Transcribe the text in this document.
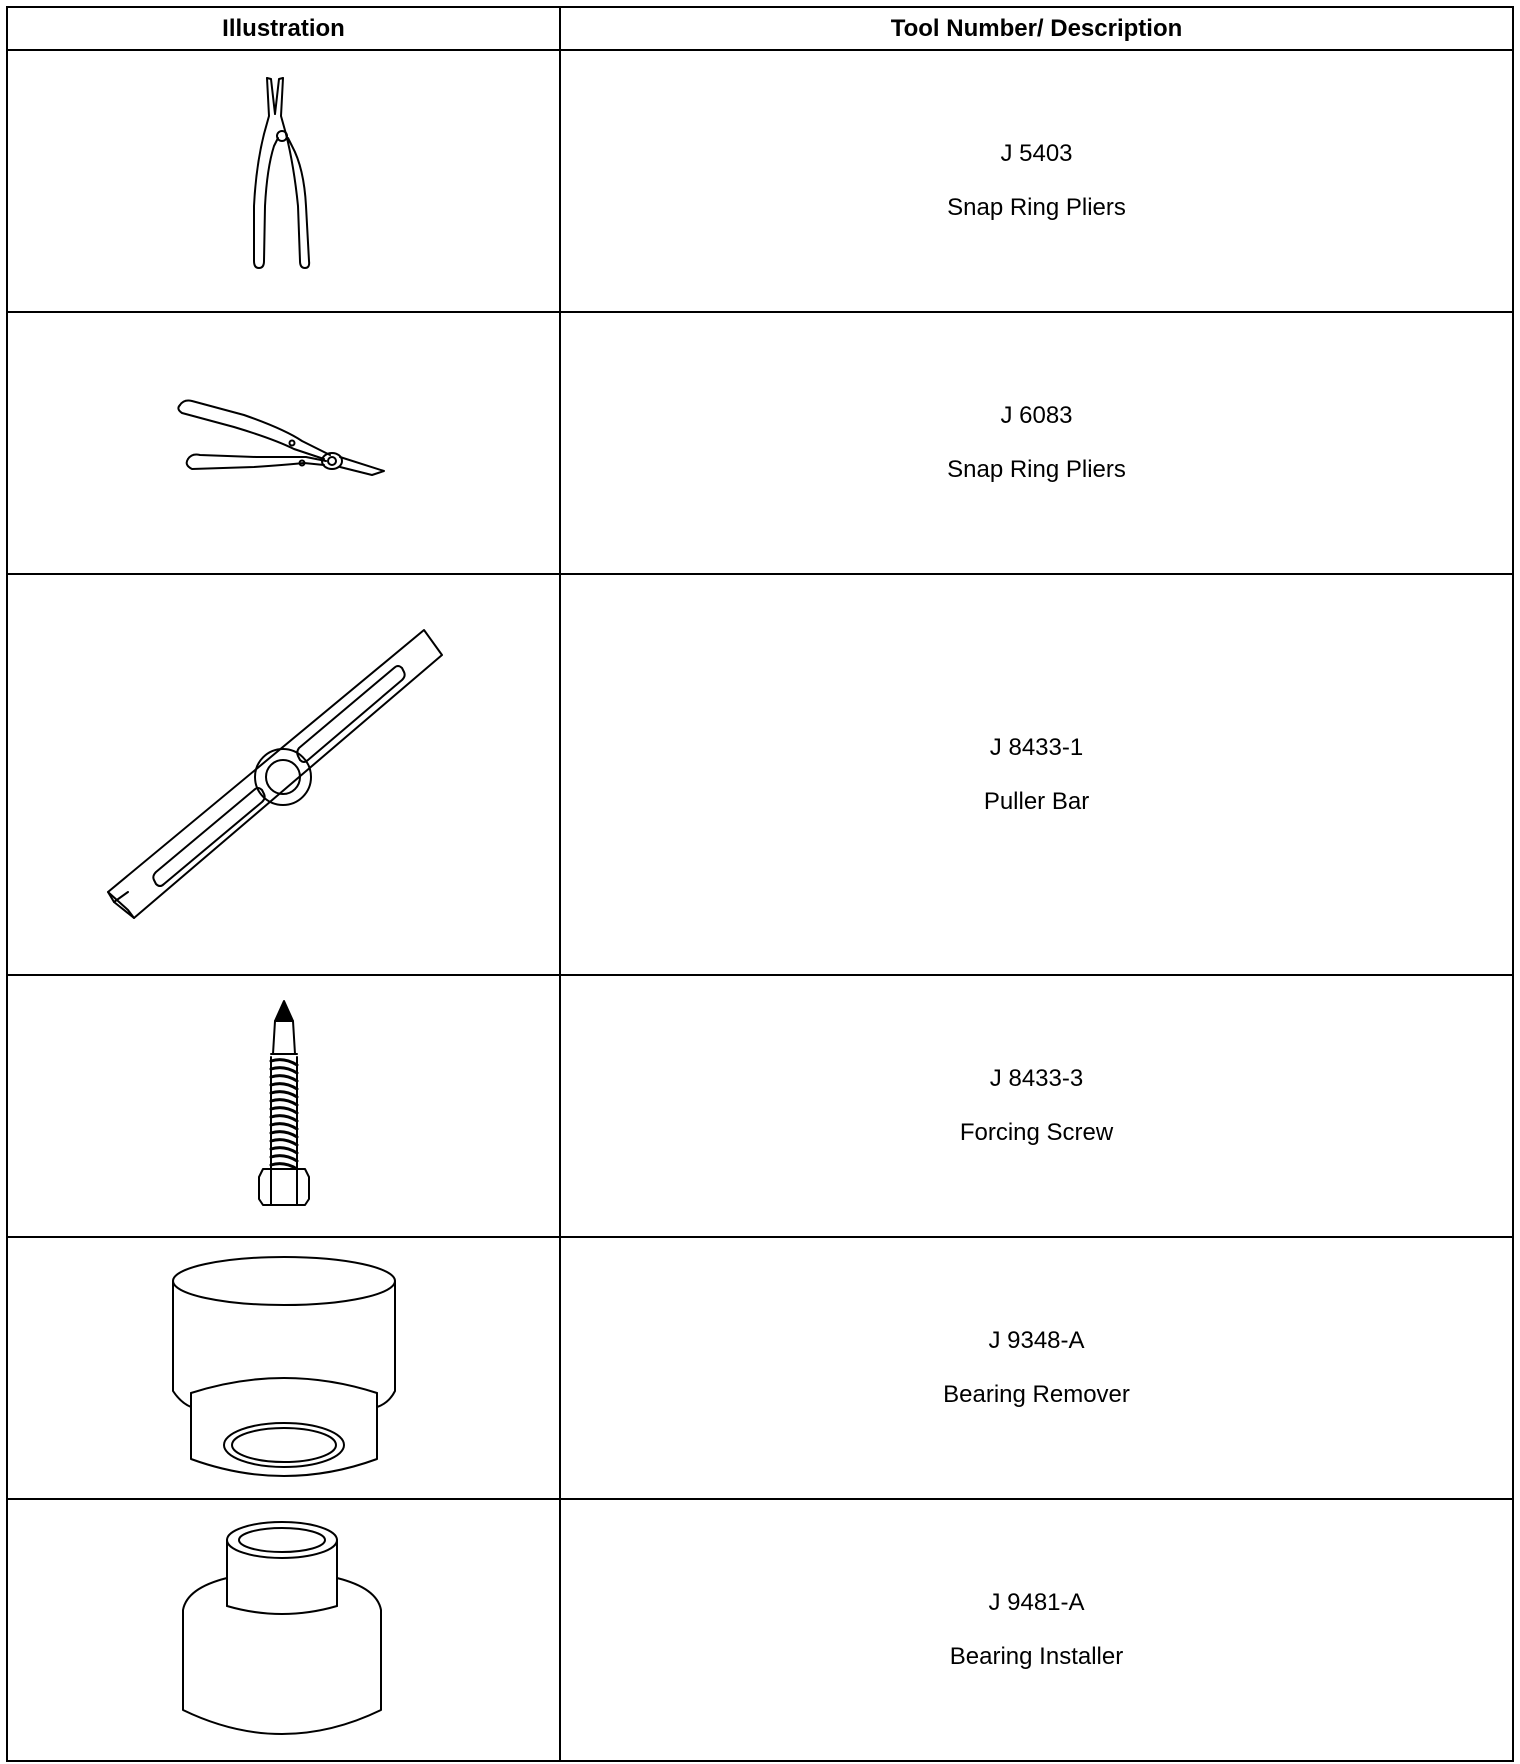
Illustration	Tool Number/ Description

J 5403
Snap Ring Pliers

J 6083
Snap Ring Pliers

J 8433-1
Puller Bar

J 8433-3
Forcing Screw

J 9348-A
Bearing Remover

J 9481-A
Bearing Installer
